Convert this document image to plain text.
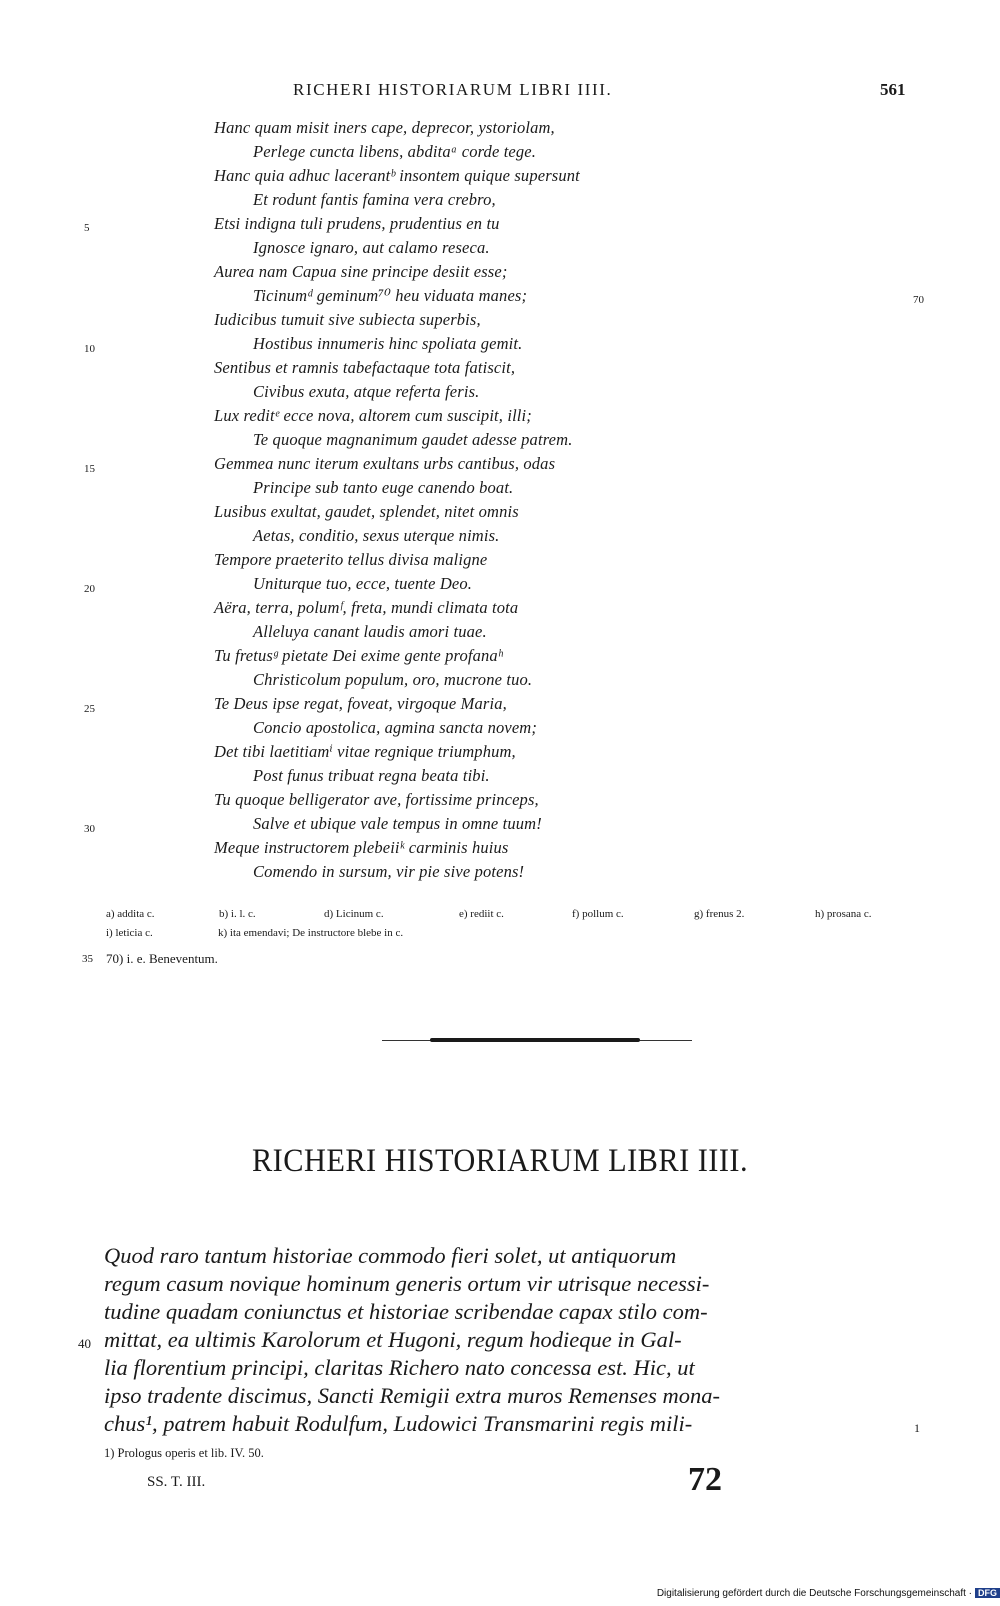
RICHERI HISTORIARUM LIBRI IIII.	561
Hanc quam misit iners cape, deprecor, ystoriolam,
Perlege cuncta libens, abditaᵃ corde tege.
Hanc quia adhuc lacerantᵇ insontem quique supersunt
Et rodunt fantis famina vera crebro,
Etsi indigna tuli prudens, prudentius en tu
Ignosce ignaro, aut calamo reseca.
Aurea nam Capua sine principe desiit esse;
Ticinumᵈ geminum⁷⁰ heu viduata manes;
Iudicibus tumuit sive subiecta superbis,
Hostibus innumeris hinc spoliata gemit.
Sentibus et ramnis tabefactaque tota fatiscit,
Civibus exuta, atque referta feris.
Lux reditᵉ ecce nova, altorem cum suscipit, illi;
Te quoque magnanimum gaudet adesse patrem.
Gemmea nunc iterum exultans urbs cantibus, odas
Principe sub tanto euge canendo boat.
Lusibus exultat, gaudet, splendet, nitet omnis
Aetas, conditio, sexus uterque nimis.
Tempore praeterito tellus divisa maligne
Uniturque tuo, ecce, tuente Deo.
Aëra, terra, polumᶠ, freta, mundi climata tota
Alleluya canant laudis amori tuae.
Tu fretusᵍ pietate Dei exime gente profanaʰ
Christicolum populum, oro, mucrone tuo.
Te Deus ipse regat, foveat, virgoque Maria,
Concio apostolica, agmina sancta novem;
Det tibi laetitiamⁱ vitae regnique triumphum,
Post funus tribuat regna beata tibi.
Tu quoque belligerator ave, fortissime princeps,
Salve et ubique vale tempus in omne tuum!
Meque instructorem plebeiiᵏ carminis huius
Comendo in sursum, vir pie sive potens!
5
10
15
20
25
30
70
a) addita c.	b) i. l. c.	d) Licinum c.	e) rediit c.	f) pollum c.	g) frenus 2.	h) prosana c.
i) leticia c.	k) ita emendavi; De instructore blebe in c.
35 70) i. e. Beneventum.
RICHERI HISTORIARUM LIBRI IIII.
Quod raro tantum historiae commodo fieri solet, ut antiquorum
regum casum novique hominum generis ortum vir utrisque necessi-
tudine quadam coniunctus et historiae scribendae capax stilo com-
mittat, ea ultimis Karolorum et Hugoni, regum hodieque in Gal-
lia florentium principi, claritas Richero nato concessa est. Hic, ut
ipso tradente discimus, Sancti Remigii extra muros Remenses mona-
chus¹, patrem habuit Rodulfum, Ludowici Transmarini regis mili-
40
1
1) Prologus operis et lib. IV. 50.
SS. T. III.	72
Digitalisierung gefördert durch die Deutsche Forschungsgemeinschaft · DFG
